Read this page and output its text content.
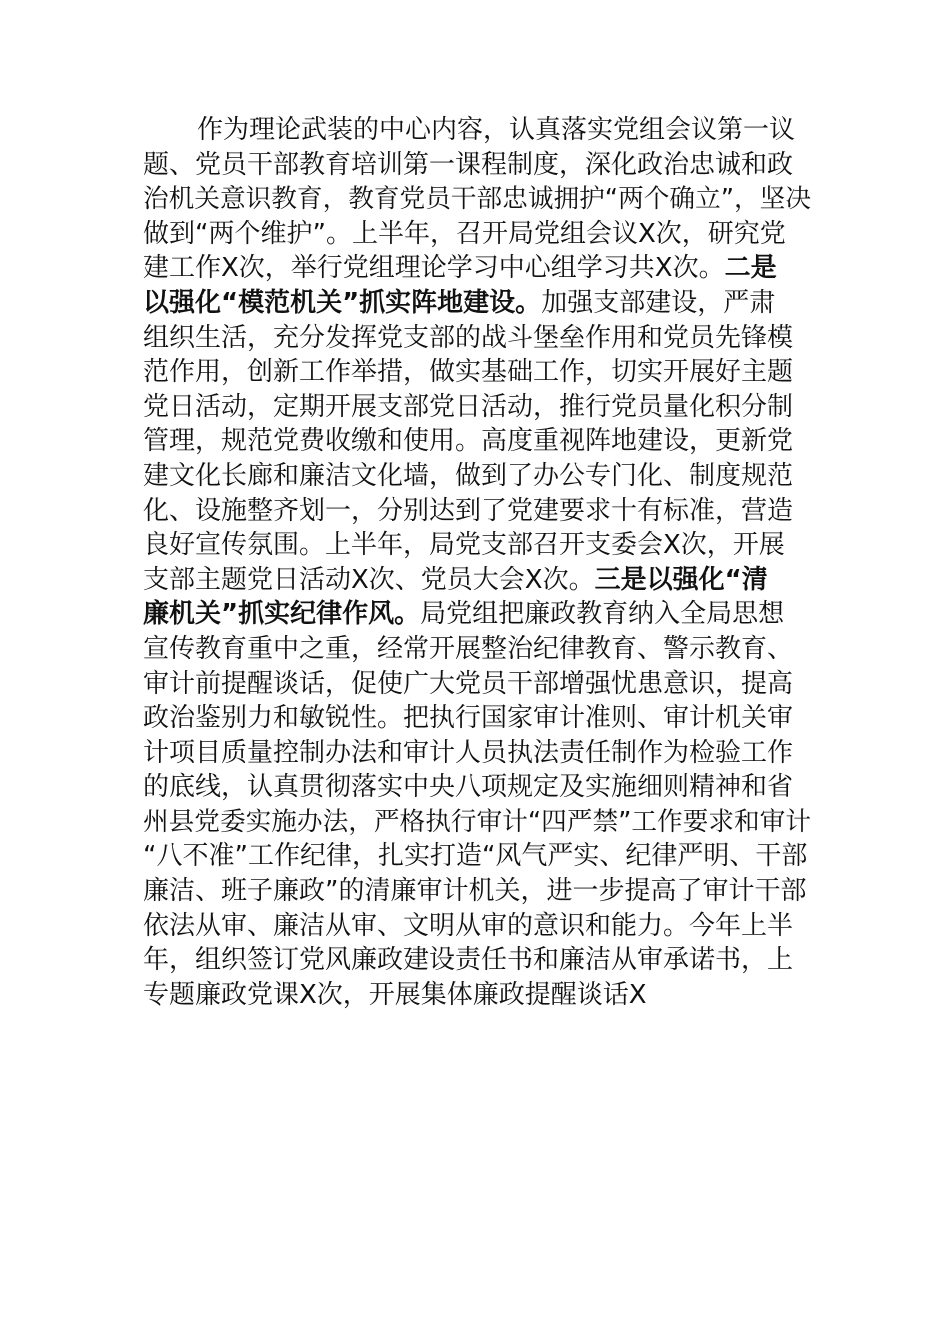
作为理论武装的中心内容，认真落实党组会议第一议
题、党员干部教育培训第一课程制度，深化政治忠诚和政
治机关意识教育，教育党员干部忠诚拥护“两个确立”，坚决
做到“两个维护”。上半年，召开局党组会议X次，研究党
建工作X次，举行党组理论学习中心组学习共X次。二是
以强化“模范机关”抓实阵地建设。加强支部建设，严肃
组织生活，充分发挥党支部的战斗堡垒作用和党员先锋模
范作用，创新工作举措，做实基础工作，切实开展好主题
党日活动，定期开展支部党日活动，推行党员量化积分制
管理，规范党费收缴和使用。高度重视阵地建设，更新党
建文化长廊和廉洁文化墙，做到了办公专门化、制度规范
化、设施整齐划一，分别达到了党建要求十有标准，营造
良好宣传氛围。上半年，局党支部召开支委会X次，开展
支部主题党日活动X次、党员大会X次。三是以强化“清
廉机关”抓实纪律作风。局党组把廉政教育纳入全局思想
宣传教育重中之重，经常开展整治纪律教育、警示教育、
审计前提醒谈话，促使广大党员干部增强忧患意识，提高
政治鉴别力和敏锐性。把执行国家审计准则、审计机关审
计项目质量控制办法和审计人员执法责任制作为检验工作
的底线，认真贯彻落实中央八项规定及实施细则精神和省
州县党委实施办法，严格执行审计“四严禁”工作要求和审计
“八不准”工作纪律，扎实打造“风气严实、纪律严明、干部
廉洁、班子廉政”的清廉审计机关，进一步提高了审计干部
依法从审、廉洁从审、文明从审的意识和能力。今年上半
年，组织签订党风廉政建设责任书和廉洁从审承诺书，上
专题廉政党课X次，开展集体廉政提醒谈话X
